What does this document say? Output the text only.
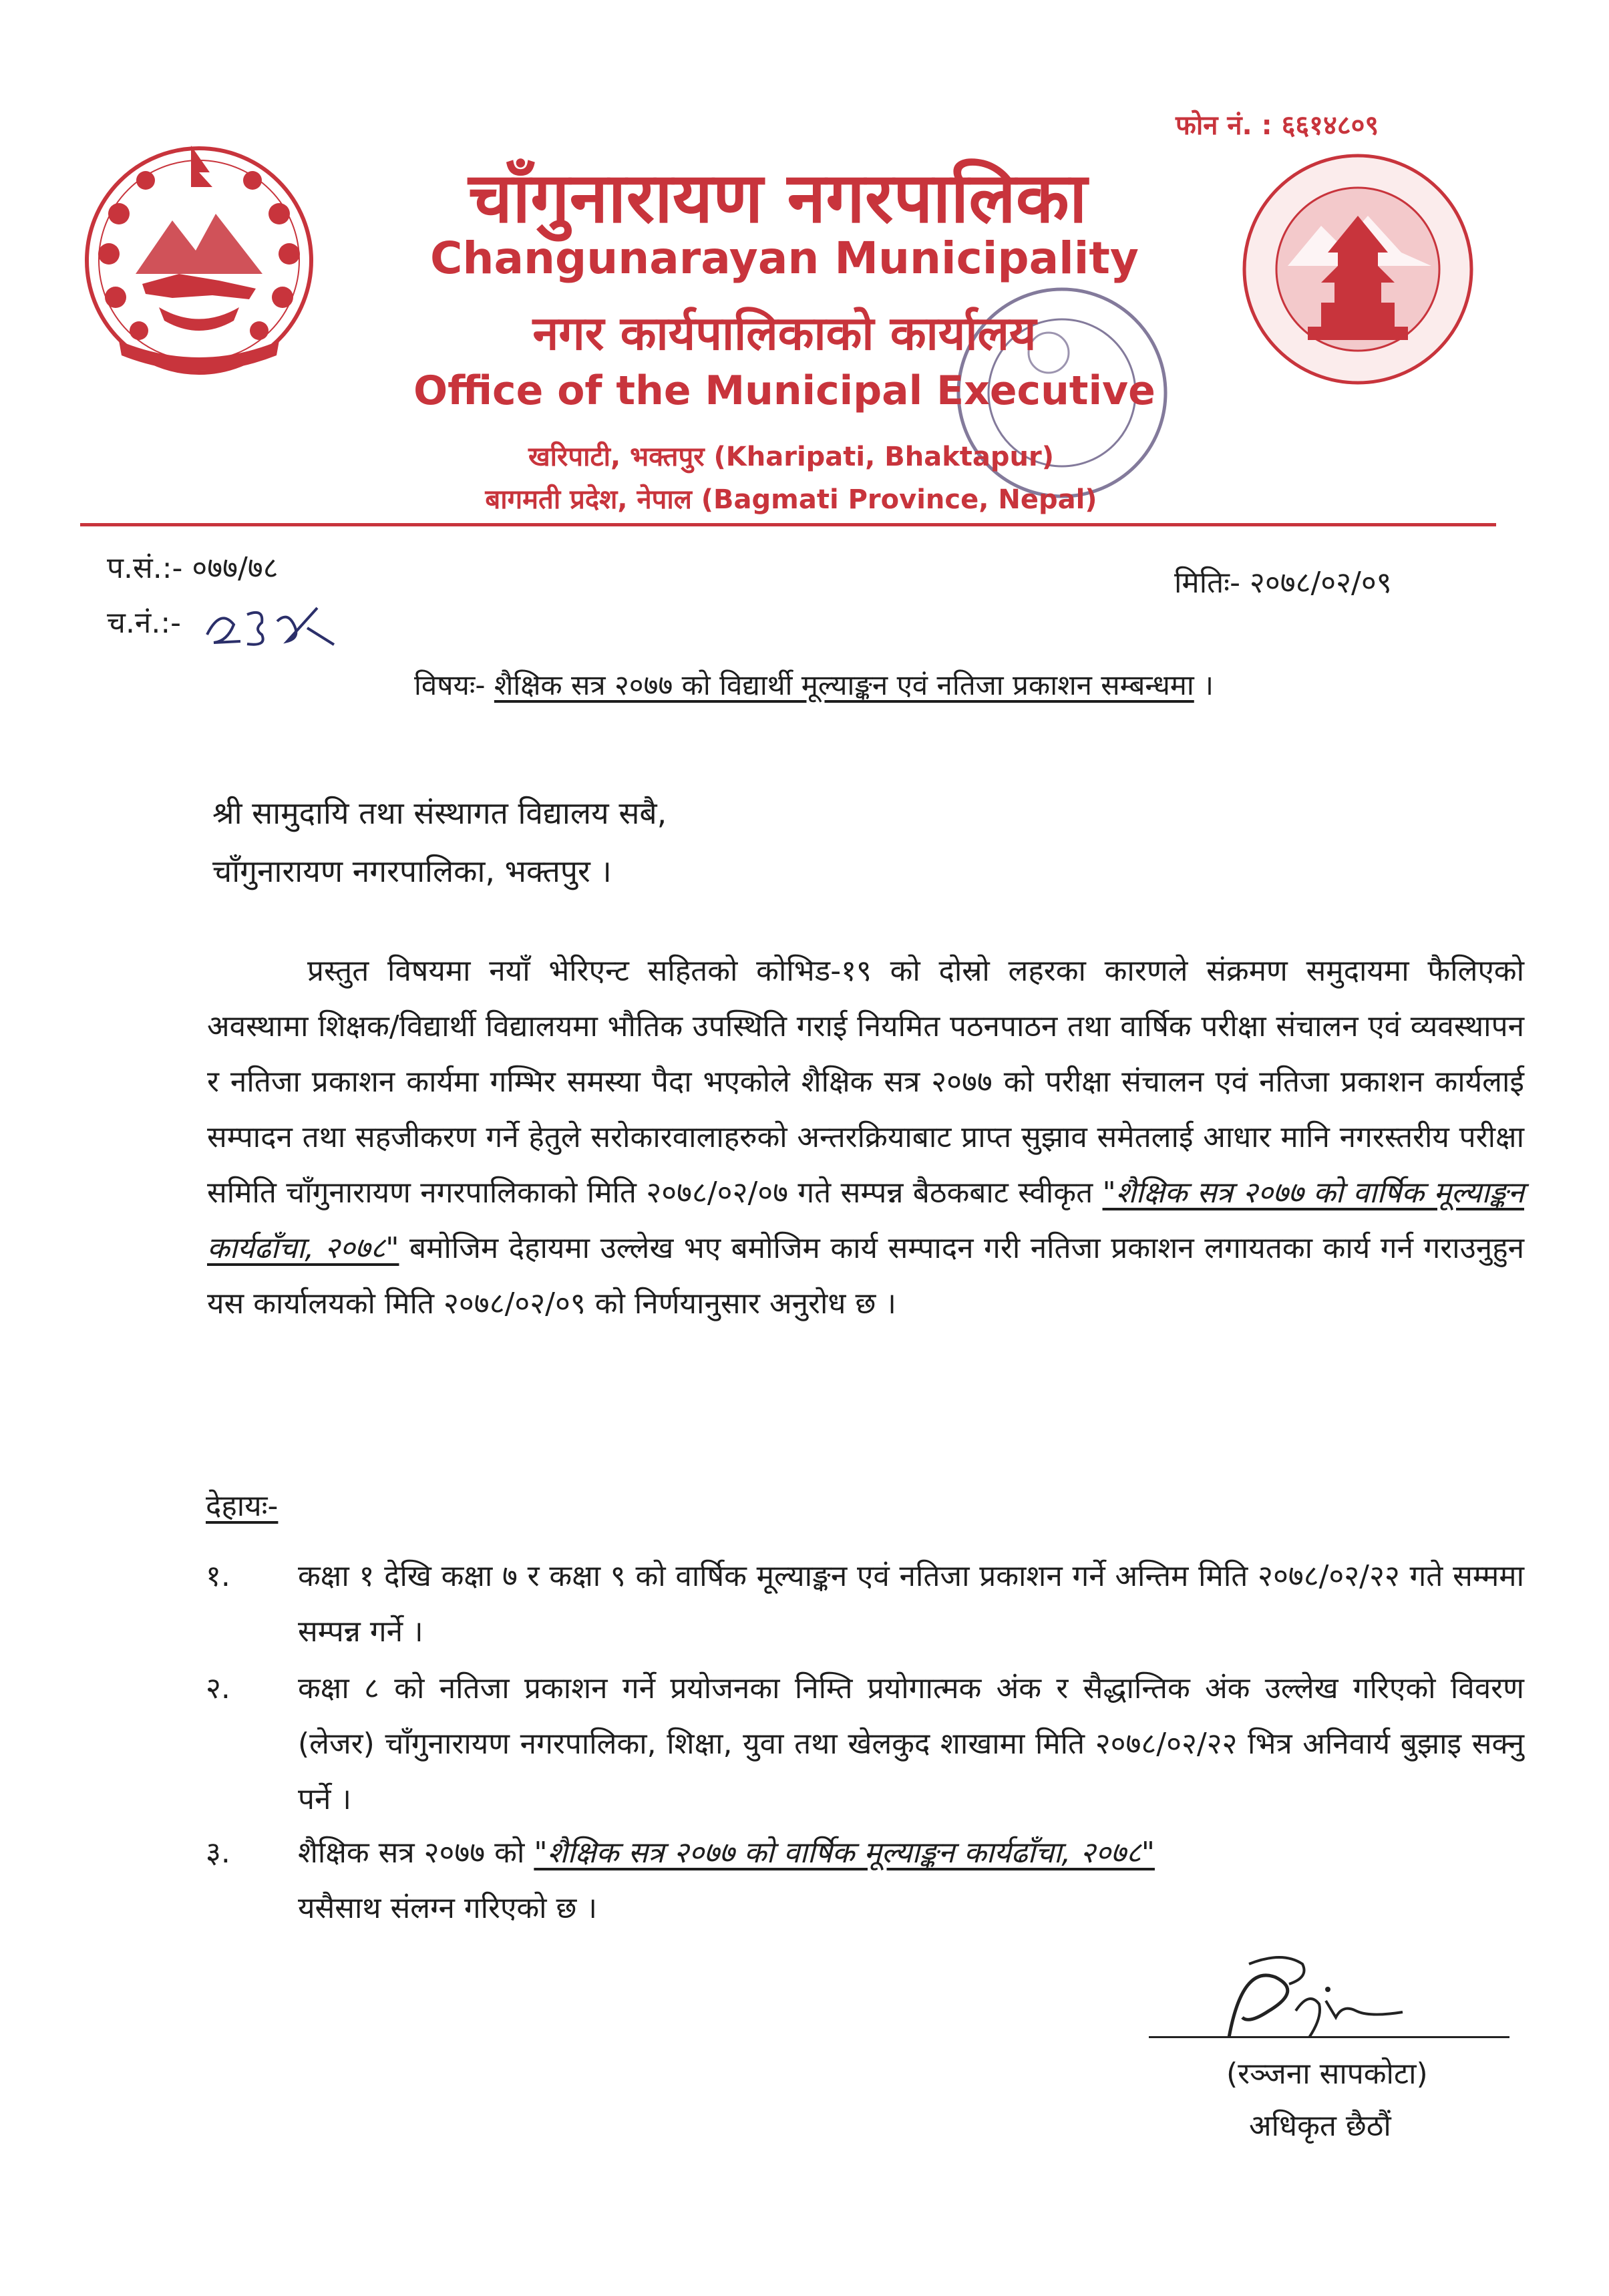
फोन नं. : ६६१४८०९
चाँगुनारायण नगरपालिका
Changunarayan Municipality
नगर कार्यपालिकाको कार्यालय
Office of the Municipal Executive
खरिपाटी, भक्तपुर (Kharipati, Bhaktapur)
बागमती प्रदेश, नेपाल (Bagmati Province, Nepal)
प.सं.:- ०७७/७८
च.नं.:-
मितिः- २०७८/०२/०९
विषयः- शैक्षिक सत्र २०७७ को विद्यार्थी मूल्याङ्कन एवं नतिजा प्रकाशन सम्बन्धमा ।
श्री सामुदायि तथा संस्थागत विद्यालय सबै,
चाँगुनारायण नगरपालिका, भक्तपुर ।
प्रस्तुत विषयमा नयाँ भेरिएन्ट सहितको कोभिड-१९ को दोस्रो लहरका कारणले संक्रमण समुदायमा फैलिएको अवस्थामा शिक्षक/विद्यार्थी विद्यालयमा भौतिक उपस्थिति गराई नियमित पठनपाठन तथा वार्षिक परीक्षा संचालन एवं व्यवस्थापन र नतिजा प्रकाशन कार्यमा गम्भिर समस्या पैदा भएकोले शैक्षिक सत्र २०७७ को परीक्षा संचालन एवं नतिजा प्रकाशन कार्यलाई सम्पादन तथा सहजीकरण गर्ने हेतुले सरोकारवालाहरुको अन्तरक्रियाबाट प्राप्त सुझाव समेतलाई आधार मानि नगरस्तरीय परीक्षा समिति चाँगुनारायण नगरपालिकाको मिति २०७८/०२/०७ गते सम्पन्न बैठकबाट स्वीकृत "शैक्षिक सत्र २०७७ को वार्षिक मूल्याङ्कन कार्यढाँचा, २०७८" बमोजिम देहायमा उल्लेख भए बमोजिम कार्य सम्पादन गरी नतिजा प्रकाशन लगायतका कार्य गर्न गराउनुहुन यस कार्यालयको मिति २०७८/०२/०९ को निर्णयानुसार अनुरोध छ ।
देहायः-
१.	कक्षा १ देखि कक्षा ७ र कक्षा ९ को वार्षिक मूल्याङ्कन एवं नतिजा प्रकाशन गर्ने अन्तिम मिति २०७८/०२/२२ गते सम्ममा सम्पन्न गर्ने ।
२.	कक्षा ८ को नतिजा प्रकाशन गर्ने प्रयोजनका निम्ति प्रयोगात्मक अंक र सैद्धान्तिक अंक उल्लेख गरिएको विवरण (लेजर) चाँगुनारायण नगरपालिका, शिक्षा, युवा तथा खेलकुद शाखामा मिति २०७८/०२/२२ भित्र अनिवार्य बुझाइ सक्नु पर्ने ।
३.	शैक्षिक सत्र २०७७ को "शैक्षिक सत्र २०७७ को वार्षिक मूल्याङ्कन कार्यढाँचा, २०७८"
यसैसाथ संलग्न गरिएको छ ।
(रञ्जना सापकोटा)
अधिकृत छैठौं
